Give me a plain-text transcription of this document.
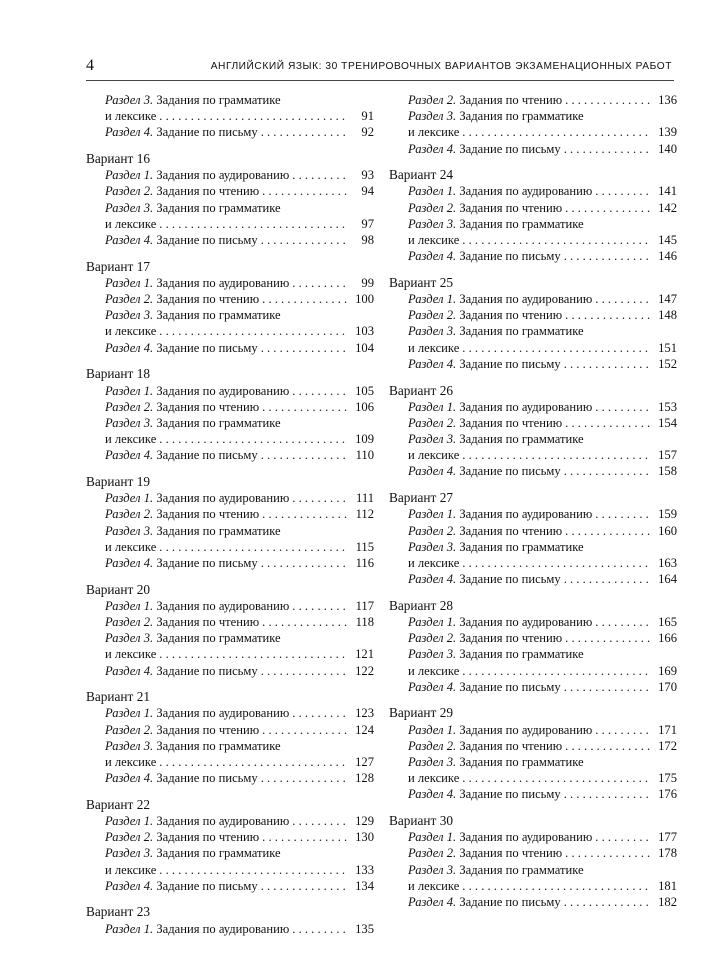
4	АНГЛИЙСКИЙ ЯЗЫК: 30 ТРЕНИРОВОЧНЫХ ВАРИАНТОВ ЭКЗАМЕНАЦИОННЫХ РАБОТ
Раздел 3. Задания по грамматике
и лексике . . .	91
Раздел 4. Задание по письму . . .	92
Вариант 16
Раздел 1. Задания по аудированию . . .	93
Раздел 2. Задания по чтению . . .	94
Раздел 3. Задания по грамматике
и лексике . . .	97
Раздел 4. Задание по письму . . .	98
Вариант 17
Раздел 1. Задания по аудированию . . .	99
Раздел 2. Задания по чтению . . .	100
Раздел 3. Задания по грамматике
и лексике . . .	103
Раздел 4. Задание по письму . . .	104
Вариант 18
Раздел 1. Задания по аудированию . . .	105
Раздел 2. Задания по чтению . . .	106
Раздел 3. Задания по грамматике
и лексике . . .	109
Раздел 4. Задание по письму . . .	110
Вариант 19
Раздел 1. Задания по аудированию . . .	111
Раздел 2. Задания по чтению . . .	112
Раздел 3. Задания по грамматике
и лексике . . .	115
Раздел 4. Задание по письму . . .	116
Вариант 20
Раздел 1. Задания по аудированию . . .	117
Раздел 2. Задания по чтению . . .	118
Раздел 3. Задания по грамматике
и лексике . . .	121
Раздел 4. Задание по письму . . .	122
Вариант 21
Раздел 1. Задания по аудированию . . .	123
Раздел 2. Задания по чтению . . .	124
Раздел 3. Задания по грамматике
и лексике . . .	127
Раздел 4. Задание по письму . . .	128
Вариант 22
Раздел 1. Задания по аудированию . . .	129
Раздел 2. Задания по чтению . . .	130
Раздел 3. Задания по грамматике
и лексике . . .	133
Раздел 4. Задание по письму . . .	134
Вариант 23
Раздел 1. Задания по аудированию . . .	135
Раздел 2. Задания по чтению . . .	136
Раздел 3. Задания по грамматике
и лексике . . .	139
Раздел 4. Задание по письму . . .	140
Вариант 24
Раздел 1. Задания по аудированию . . .	141
Раздел 2. Задания по чтению . . .	142
Раздел 3. Задания по грамматике
и лексике . . .	145
Раздел 4. Задание по письму . . .	146
Вариант 25
Раздел 1. Задания по аудированию . . .	147
Раздел 2. Задания по чтению . . .	148
Раздел 3. Задания по грамматике
и лексике . . .	151
Раздел 4. Задание по письму . . .	152
Вариант 26
Раздел 1. Задания по аудированию . . .	153
Раздел 2. Задания по чтению . . .	154
Раздел 3. Задания по грамматике
и лексике . . .	157
Раздел 4. Задание по письму . . .	158
Вариант 27
Раздел 1. Задания по аудированию . . .	159
Раздел 2. Задания по чтению . . .	160
Раздел 3. Задания по грамматике
и лексике . . .	163
Раздел 4. Задание по письму . . .	164
Вариант 28
Раздел 1. Задания по аудированию . . .	165
Раздел 2. Задания по чтению . . .	166
Раздел 3. Задания по грамматике
и лексике . . .	169
Раздел 4. Задание по письму . . .	170
Вариант 29
Раздел 1. Задания по аудированию . . .	171
Раздел 2. Задания по чтению . . .	172
Раздел 3. Задания по грамматике
и лексике . . .	175
Раздел 4. Задание по письму . . .	176
Вариант 30
Раздел 1. Задания по аудированию . . .	177
Раздел 2. Задания по чтению . . .	178
Раздел 3. Задания по грамматике
и лексике . . .	181
Раздел 4. Задание по письму . . .	182
